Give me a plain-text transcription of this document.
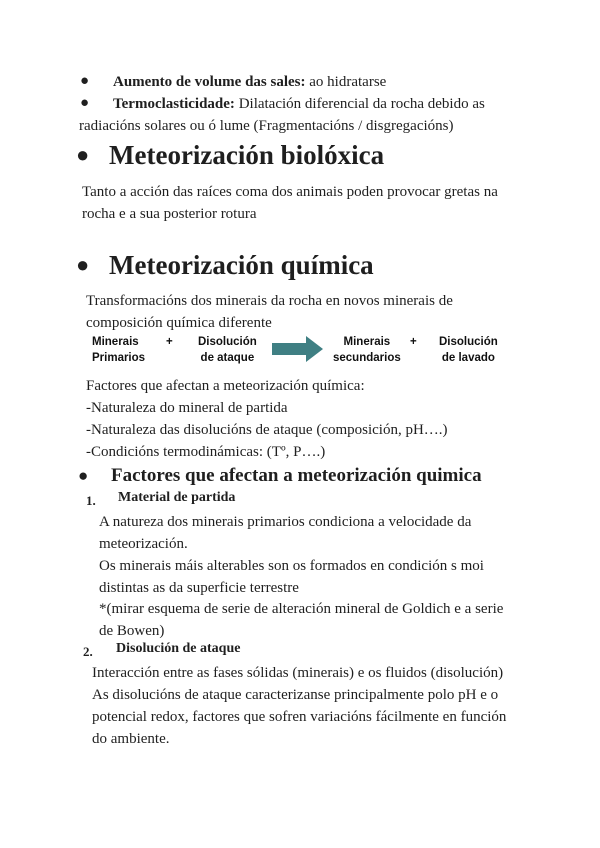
● Aumento de volume das sales: ao hidratarse
● Termoclasticidade: Dilatación diferencial da rocha debido as
radiacións solares ou ó lume (Fragmentacións / disgregacións)
● Meteorización biolóxica
Tanto a acción das raíces coma dos animais poden provocar gretas na
rocha e a sua posterior rotura
● Meteorización química
Transformacións dos minerais da rocha en novos minerais de
composición química diferente
Minerais
Primarios
+ Disolución
de ataque →	Minerais
secundarios
+ Disolución
de lavado
Factores que afectan a meteorización química:
-Naturaleza do mineral de partida
-Naturaleza das disolucións de ataque (composición, pH….)
-Condicións termodinámicas: (Tº, P….)
● Factores que afectan a meteorización quimica
1. Material de partida
A natureza dos minerais primarios condiciona a velocidade da
meteorización.
Os minerais máis alterables son os formados en condición s moi
distintas as da superficie terrestre
*(mirar esquema de serie de alteración mineral de Goldich e a serie
de Bowen)
2. Disolución de ataque
Interacción entre as fases sólidas (minerais) e os fluidos (disolución)
As disolucións de ataque caracterizanse principalmente polo pH e o
potencial redox, factores que sofren variacións fácilmente en función
do ambiente.
